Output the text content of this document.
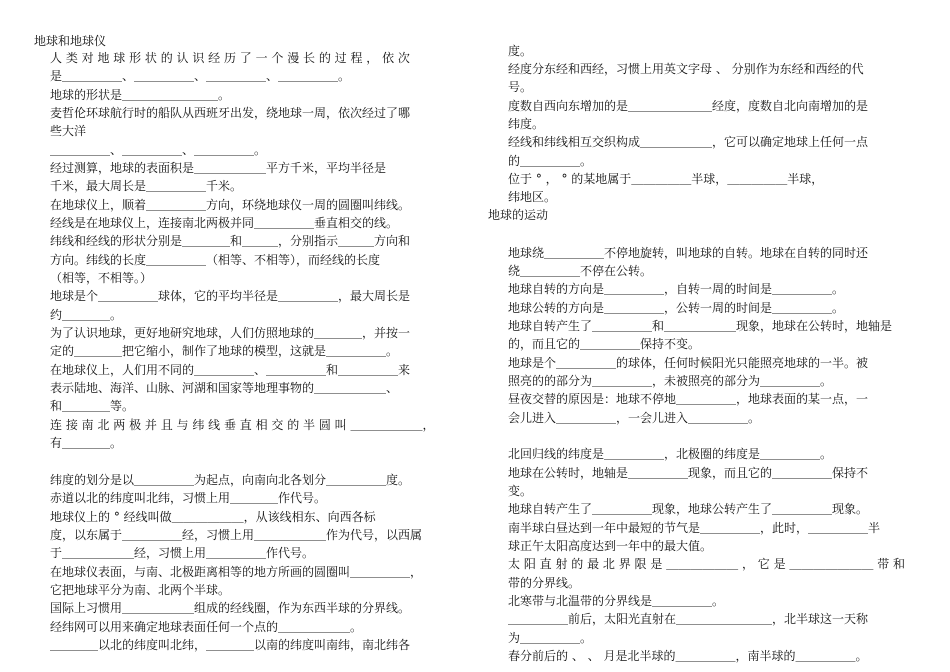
地球和地球仪
人 类 对 地 球 形 状 的 认 识 经 历 了 一 个 漫 长 的 过 程 ， 依 次
是＿＿＿＿＿、＿＿＿＿＿、＿＿＿＿＿、＿＿＿＿＿。
地球的形状是＿＿＿＿＿＿＿＿。
麦哲伦环球航行时的船队从西班牙出发，绕地球一周，依次经过了哪
些大洋
＿＿＿＿＿、＿＿＿＿＿、＿＿＿＿＿。
经过测算，地球的表面积是＿＿＿＿＿＿平方千米，平均半径是
千米，最大周长是＿＿＿＿＿千米。
在地球仪上，顺着＿＿＿＿＿方向，环绕地球仪一周的圆圈叫纬线。
经线是在地球仪上，连接南北两极并同＿＿＿＿＿垂直相交的线。
纬线和经线的形状分别是＿＿＿＿和＿＿＿，分别指示＿＿＿方向和
方向。纬线的长度＿＿＿＿＿（相等、不相等），而经线的长度
（相等，不相等。）
地球是个＿＿＿＿＿球体，它的平均半径是＿＿＿＿＿，最大周长是
约＿＿＿＿。
为了认识地球，更好地研究地球，人们仿照地球的＿＿＿＿，并按一
定的＿＿＿＿把它缩小，制作了地球的模型，这就是＿＿＿＿＿。
在地球仪上，人们用不同的＿＿＿＿＿、＿＿＿＿＿和＿＿＿＿＿来
表示陆地、海洋、山脉、河湖和国家等地理事物的＿＿＿＿＿＿、
和＿＿＿＿等。
连 接 南 北 两 极 并 且 与 纬 线 垂 直 相 交 的 半 圆 叫 ＿＿＿＿＿＿，
有＿＿＿＿。
纬度的划分是以＿＿＿＿＿为起点，向南向北各划分＿＿＿＿＿度。
赤道以北的纬度叫北纬，习惯上用＿＿＿＿作代号。
地球仪上的 ° 经线叫做＿＿＿＿＿＿，从该线相东、向西各标
度，以东属于＿＿＿＿＿经，习惯上用＿＿＿＿＿＿作为代号，以西属
于＿＿＿＿＿＿经，习惯上用＿＿＿＿＿作代号。
在地球仪表面，与南、北极距离相等的地方所画的圆圈叫＿＿＿＿＿，
它把地球平分为南、北两个半球。
国际上习惯用＿＿＿＿＿＿组成的经线圈，作为东西半球的分界线。
经纬网可以用来确定地球表面任何一个点的＿＿＿＿＿＿。
＿＿＿＿以北的纬度叫北纬，＿＿＿＿以南的纬度叫南纬，南北纬各
度。
经度分东经和西经，习惯上用英文字母 、 分别作为东经和西经的代
号。
度数自西向东增加的是＿＿＿＿＿＿＿经度，度数自北向南增加的是
纬度。
经线和纬线相互交织构成＿＿＿＿＿＿，它可以确定地球上任何一点
的＿＿＿＿＿。
位于 ° ， ° 的某地属于＿＿＿＿＿半球，＿＿＿＿＿半球，
纬地区。
地球的运动
地球绕＿＿＿＿＿不停地旋转，叫地球的自转。地球在自转的同时还
绕＿＿＿＿＿不停在公转。
地球自转的方向是＿＿＿＿＿，自转一周的时间是＿＿＿＿＿。
地球公转的方向是＿＿＿＿＿，公转一周的时间是＿＿＿＿＿。
地球自转产生了＿＿＿＿＿和＿＿＿＿＿＿现象，地球在公转时，地轴是
的，而且它的＿＿＿＿＿保持不变。
地球是个＿＿＿＿＿的球体，任何时候阳光只能照亮地球的一半。被
照亮的的部分为＿＿＿＿＿，未被照亮的部分为＿＿＿＿＿。
昼夜交替的原因是：地球不停地＿＿＿＿＿，地球表面的某一点，一
会儿进入＿＿＿＿＿，一会儿进入＿＿＿＿＿。
北回归线的纬度是＿＿＿＿＿，北极圈的纬度是＿＿＿＿＿。
地球在公转时，地轴是＿＿＿＿＿现象，而且它的＿＿＿＿＿保持不
变。
地球自转产生了＿＿＿＿＿现象，地球公转产生了＿＿＿＿＿现象。
南半球白昼达到一年中最短的节气是＿＿＿＿＿，此时，＿＿＿＿＿半
球正午太阳高度达到一年中的最大值。
太 阳 直 射 的 最 北 界 限 是 ＿＿＿＿＿＿ ， 它 是 ＿＿＿＿＿＿＿ 带 和
带的分界线。
北寒带与北温带的分界线是＿＿＿＿＿。
＿＿＿＿＿前后，太阳光直射在＿＿＿＿＿＿＿＿，北半球这一天称
为＿＿＿＿＿。
春分前后的 、 、 月是北半球的＿＿＿＿＿，南半球的＿＿＿＿＿。
